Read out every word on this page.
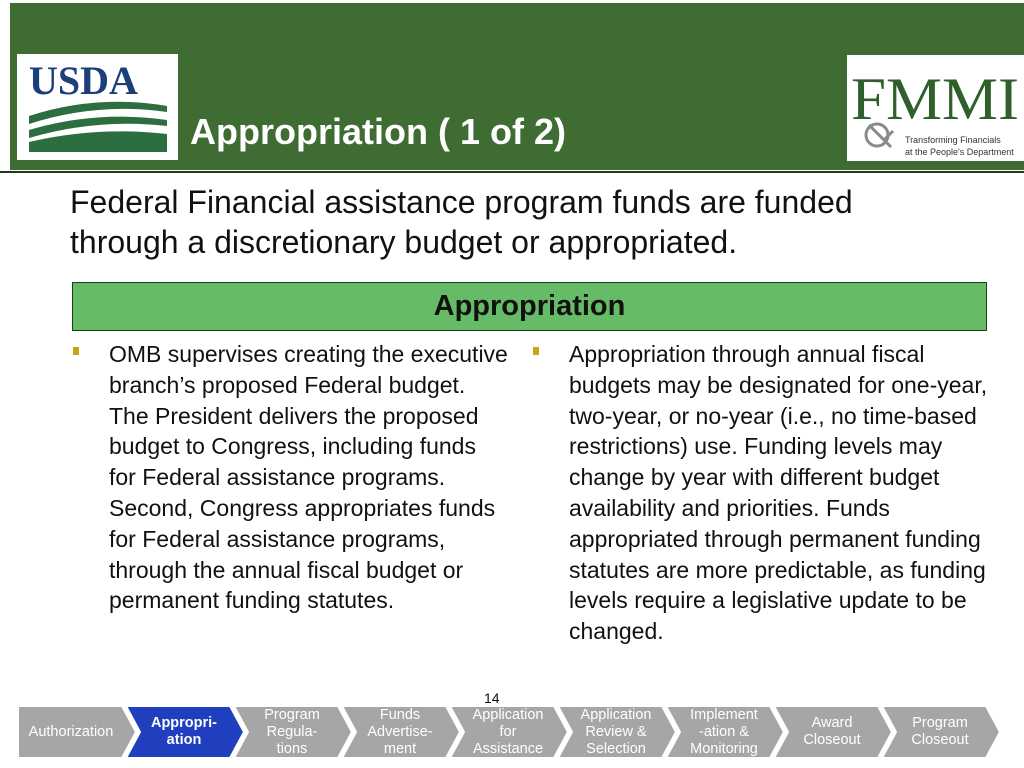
USDA
Appropriation ( 1 of 2)	FMMI
Transforming Financials
at the People's Department
Federal Financial assistance program funds are funded through a discretionary budget or appropriated.
Appropriation
OMB supervises creating the executive branch’s proposed Federal budget. The President delivers the proposed budget to Congress, including funds for Federal assistance programs. Second, Congress appropriates funds for Federal assistance programs, through the annual fiscal budget or permanent funding statutes.
Appropriation through annual fiscal budgets may be designated for one-year, two-year, or no-year (i.e., no time-based restrictions) use. Funding levels may change by year with different budget availability and priorities. Funds appropriated through permanent funding statutes are more predictable, as funding levels require a legislative update to be changed.
14
Authorization
Appropri-
ation
Program
Regula-
tions
Funds
Advertise-
ment
Application
for
Assistance
Application
Review &
Selection
Implement
-ation &
Monitoring
Award
Closeout
Program
Closeout
